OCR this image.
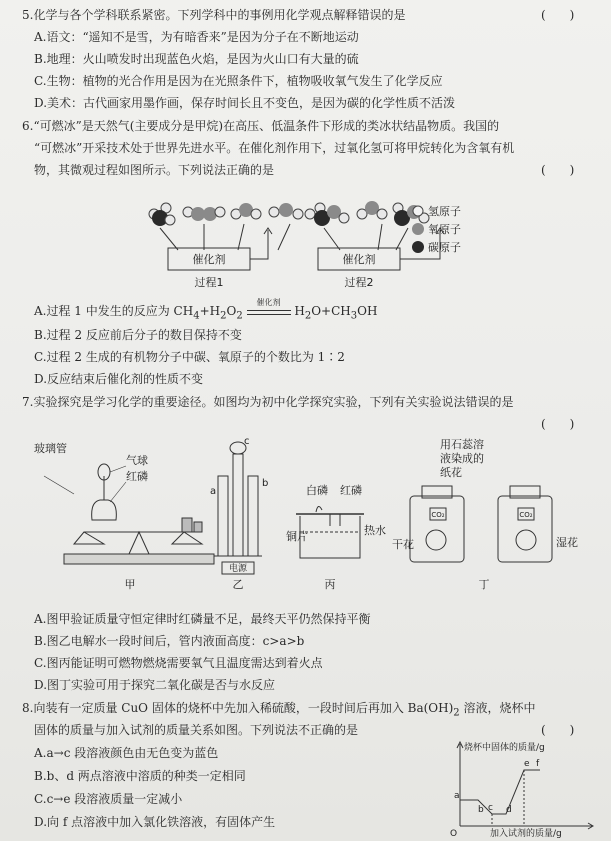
5.化学与各个学科联系紧密。下列学科中的事例用化学观点解释错误的是	(　　)
A.语文：“遥知不是雪，为有暗香来”是因为分子在不断地运动
B.地理：火山喷发时出现蓝色火焰，是因为火山口有大量的硫
C.生物：植物的光合作用是因为在光照条件下，植物吸收氧气发生了化学反应
D.美术：古代画家用墨作画，保存时间长且不变色，是因为碳的化学性质不活泼
6.“可燃冰”是天然气(主要成分是甲烷)在高压、低温条件下形成的类冰状结晶物质。我国的
“可燃冰”开采技术处于世界先进水平。在催化剂作用下，过氧化氢可将甲烷转化为含氧有机
物，其微观过程如图所示。下列说法正确的是	(　　)
催化剂	催化剂
过程1	过程2
氢原子
氧原子
碳原子
A.过程 1 中发生的反应为 $CH_4+H_2O_2$
催化剂
$H_2O+CH_3OH$
B.过程 2 反应前后分子的数目保持不变
C.过程 2 生成的有机物分子中碳、氧原子的个数比为 1∶2
D.反应结束后催化剂的性质不变
7.实验探究是学习化学的重要途径。如图均为初中化学探究实验，下列有关实验说法错误的是
(　　)
玻璃管
气球
红磷
甲
电源
a
b
c
乙
白磷 红磷
铜片	热水
丙
CO₂	CO₂
干花	湿花
丁
用石蕊溶液染成的纸花
A.图甲验证质量守恒定律时红磷量不足，最终天平仍然保持平衡
B.图乙电解水一段时间后，管内液面高度：c>a>b
C.图丙能证明可燃物燃烧需要氧气且温度需达到着火点
D.图丁实验可用于探究二氧化碳是否与水反应
8.向装有一定质量 CuO 固体的烧杯中先加入稀硫酸，一段时间后再加入 $Ba(OH)_2$ 溶液，烧杯中
固体的质量与加入试剂的质量关系如图。下列说法不正确的是	(　　)
A.a→c 段溶液颜色由无色变为蓝色
B.b、d 两点溶液中溶质的种类一定相同
C.c→e 段溶液质量一定减小
D.向 f 点溶液中加入氯化铁溶液，有固体产生
烧杯中固体的质量/g
加入试剂的质量/g
O
a
b c d
e f
